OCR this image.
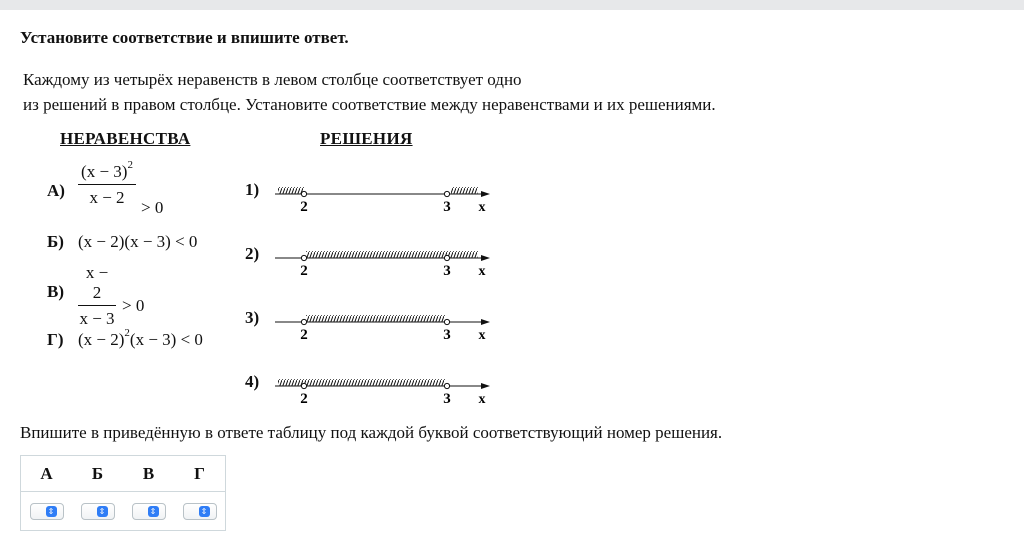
Установите соответствие и впишите ответ.
Каждому из четырёх неравенств в левом столбце соответствует одно
из решений в правом столбце. Установите соответствие между неравенствами и их решениями.
НЕРАВЕНСТВА	РЕШЕНИЯ
А)
$(x - 3)^2$
x − 2
> 0
Б) (x − 2)(x − 3) < 0
В)
x − 2
x − 3
> 0
Г) $(x - 2)^2(x - 3) < 0$
1)
2	3 x
2)
2	3 x
3)
2	3 x
4)
2	3 x
Впишите в приведённую в ответе таблицу под каждой буквой соответствующий номер решения.
А	Б	В	Г

⇕	⇕	⇕	⇕
